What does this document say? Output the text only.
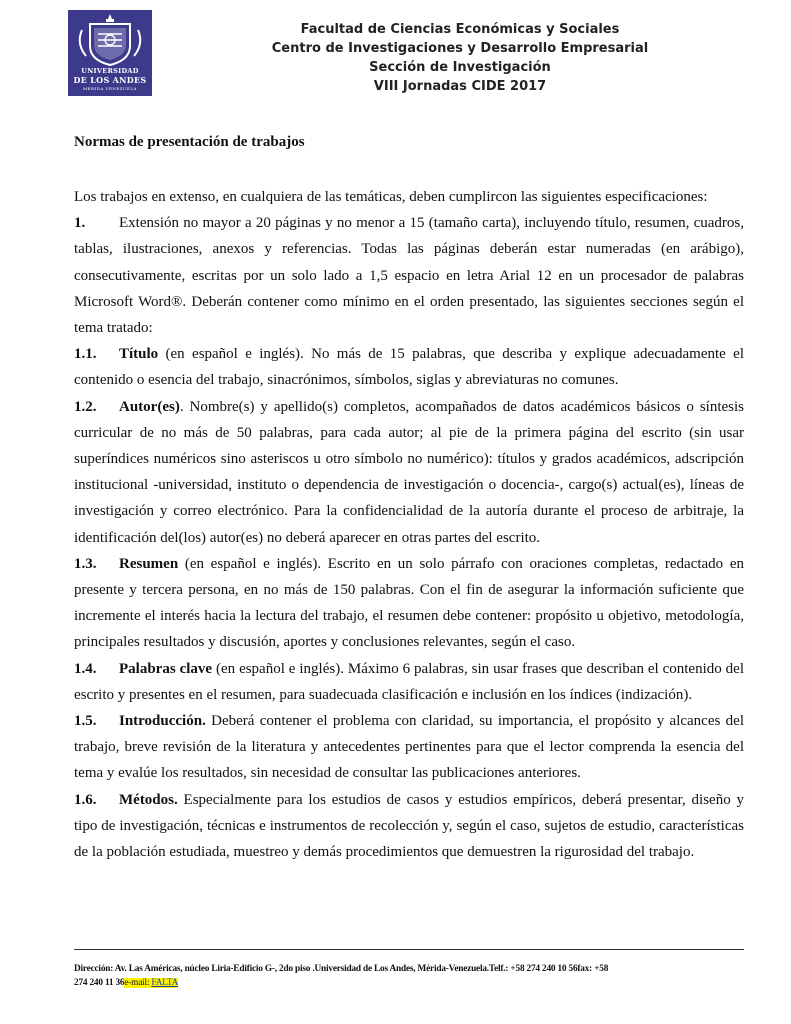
UNIVERSIDAD
DE LOS ANDES
MERIDA VENEZUELA
Facultad de Ciencias Económicas y Sociales
Centro de Investigaciones y Desarrollo Empresarial
Sección de Investigación
VIII Jornadas CIDE 2017
Normas de presentación de trabajos

Los trabajos en extenso, en cualquiera de las temáticas, deben cumplircon las siguientes especificaciones:

1. Extensión no mayor a 20 páginas y no menor a 15 (tamaño carta), incluyendo título, resumen, cuadros, tablas, ilustraciones, anexos y referencias. Todas las páginas deberán estar numeradas (en arábigo), consecutivamente, escritas por un solo lado a 1,5 espacio en letra Arial 12 en un procesador de palabras Microsoft Word®. Deberán contener como mínimo en el orden presentado, las siguientes secciones según el tema tratado:

1.1. Título (en español e inglés). No más de 15 palabras, que describa y explique adecuadamente el contenido o esencia del trabajo, sinacrónimos, símbolos, siglas y abreviaturas no comunes.

1.2. Autor(es). Nombre(s) y apellido(s) completos, acompañados de datos académicos básicos o síntesis curricular de no más de 50 palabras, para cada autor; al pie de la primera página del escrito (sin usar superíndices numéricos sino asteriscos u otro símbolo no numérico): títulos y grados académicos, adscripción institucional -universidad, instituto o dependencia de investigación o docencia-, cargo(s) actual(es), líneas de investigación y correo electrónico. Para la confidencialidad de la autoría durante el proceso de arbitraje, la identificación del(los) autor(es) no deberá aparecer en otras partes del escrito.

1.3. Resumen (en español e inglés). Escrito en un solo párrafo con oraciones completas, redactado en presente y tercera persona, en no más de 150 palabras. Con el fin de asegurar la información suficiente que incremente el interés hacia la lectura del trabajo, el resumen debe contener: propósito u objetivo, metodología, principales resultados y discusión, aportes y conclusiones relevantes, según el caso.

1.4. Palabras clave (en español e inglés). Máximo 6 palabras, sin usar frases que describan el contenido del escrito y presentes en el resumen, para suadecuada clasificación e inclusión en los índices (indización).

1.5. Introducción. Deberá contener el problema con claridad, su importancia, el propósito y alcances del trabajo, breve revisión de la literatura y antecedentes pertinentes para que el lector comprenda la esencia del tema y evalúe los resultados, sin necesidad de consultar las publicaciones anteriores.

1.6. Métodos. Especialmente para los estudios de casos y estudios empíricos, deberá presentar, diseño y tipo de investigación, técnicas e instrumentos de recolección y, según el caso, sujetos de estudio, características de la población estudiada, muestreo y demás procedimientos que demuestren la rigurosidad del trabajo.

Dirección: Av. Las Américas, núcleo Liria-Edificio G-, 2do piso .Universidad de Los Andes, Mérida-Venezuela.Telf.: +58 274 240 10 56fax: +58
274 240 11 36e-mail: FALTA
